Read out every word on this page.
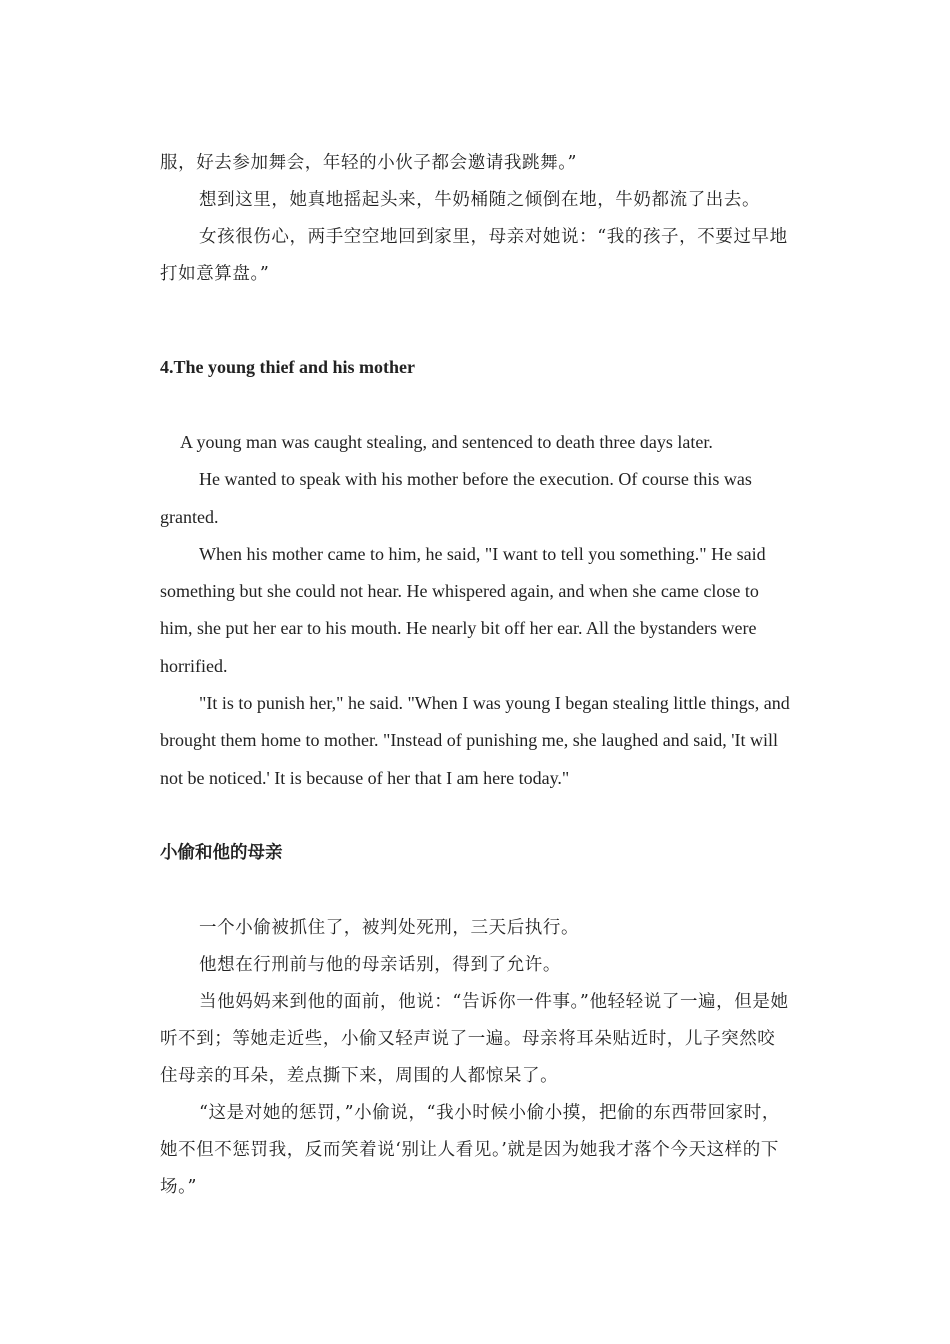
服，好去参加舞会，年轻的小伙子都会邀请我跳舞。”

想到这里，她真地摇起头来，牛奶桶随之倾倒在地，牛奶都流了出去。

女孩很伤心，两手空空地回到家里，母亲对她说：“我的孩子，不要过早地打如意算盘。”

4.The young thief and his mother

A young man was caught stealing, and sentenced to death three days later.

He wanted to speak with his mother before the execution. Of course this was granted.

When his mother came to him, he said, "I want to tell you something." He said something but she could not hear. He whispered again, and when she came close to him, she put her ear to his mouth. He nearly bit off her ear. All the bystanders were horrified.

"It is to punish her," he said. "When I was young I began stealing little things, and brought them home to mother. "Instead of punishing me, she laughed and said, 'It will not be noticed.' It is because of her that I am here today."

小偷和他的母亲

一个小偷被抓住了，被判处死刑，三天后执行。

他想在行刑前与他的母亲话别，得到了允许。

当他妈妈来到他的面前，他说：“告诉你一件事。”他轻轻说了一遍，但是她听不到；等她走近些，小偷又轻声说了一遍。母亲将耳朵贴近时，儿子突然咬住母亲的耳朵，差点撕下来，周围的人都惊呆了。

“这是对她的惩罚，”小偷说，“我小时候小偷小摸，把偷的东西带回家时，她不但不惩罚我，反而笑着说‘别让人看见。’就是因为她我才落个今天这样的下场。”
